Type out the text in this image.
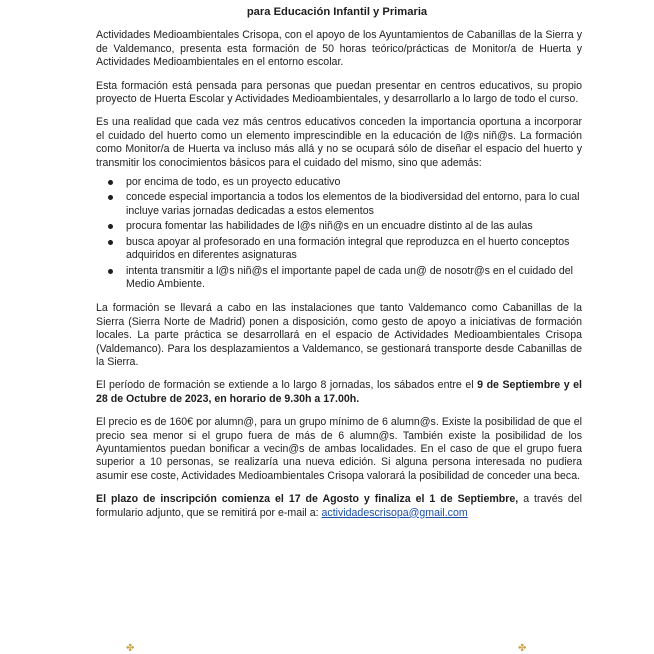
para Educación Infantil y Primaria

Actividades Medioambientales Crisopa, con el apoyo de los Ayuntamientos de Cabanillas de la Sierra y de Valdemanco, presenta esta formación de 50 horas teórico/prácticas de Monitor/a de Huerta y Actividades Medioambientales en el entorno escolar.

Esta formación está pensada para personas que puedan presentar en centros educativos, su propio proyecto de Huerta Escolar y Actividades Medioambientales, y desarrollarlo a lo largo de todo el curso.

Es una realidad que cada vez más centros educativos conceden la importancia oportuna a incorporar el cuidado del huerto como un elemento imprescindible en la educación de l@s niñ@s. La formación como Monitor/a de Huerta va incluso más allá y no se ocupará sólo de diseñar el espacio del huerto y transmitir los conocimientos básicos para el cuidado del mismo, sino que además:

por encima de todo, es un proyecto educativo
concede especial importancia a todos los elementos de la biodiversidad del entorno, para lo cual incluye varias jornadas dedicadas a estos elementos
procura fomentar las habilidades de l@s niñ@s en un encuadre distinto al de las aulas
busca apoyar al profesorado en una formación integral que reproduzca en el huerto conceptos adquiridos en diferentes asignaturas
intenta transmitir a l@s niñ@s el importante papel de cada un@ de nosotr@s en el cuidado del Medio Ambiente.

La formación se llevará a cabo en las instalaciones que tanto Valdemanco como Cabanillas de la Sierra (Sierra Norte de Madrid) ponen a disposición, como gesto de apoyo a iniciativas de formación locales. La parte práctica se desarrollará en el espacio de Actividades Medioambientales Crisopa (Valdemanco). Para los desplazamientos a Valdemanco, se gestionará transporte desde Cabanillas de la Sierra.

El período de formación se extiende a lo largo 8 jornadas, los sábados entre el 9 de Septiembre y el 28 de Octubre de 2023, en horario de 9.30h a 17.00h.

El precio es de 160€ por alumn@, para un grupo mínimo de 6 alumn@s. Existe la posibilidad de que el precio sea menor si el grupo fuera de más de 6 alumn@s. También existe la posibilidad de los Ayuntamientos puedan bonificar a vecin@s de ambas localidades. En el caso de que el grupo fuera superior a 10 personas, se realizaría una nueva edición. Si alguna persona interesada no pudiera asumir ese coste, Actividades Medioambientales Crisopa valorará la posibilidad de conceder una beca.

El plazo de inscripción comienza el 17 de Agosto y finaliza el 1 de Septiembre, a través del formulario adjunto, que se remitirá por e-mail a: actividadescrisopa@gmail.com

✤	✤
